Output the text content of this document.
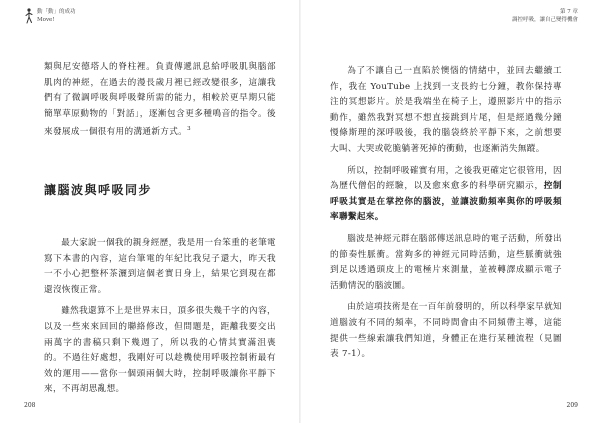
動「動」的成功
Move!

類與尼安德塔人的脊柱裡。負責傳遞訊息給呼吸肌與腦部肌肉的神經，在過去的漫長歲月裡已經改變很多，這讓我們有了微調呼吸與呼吸聲所需的能力，相較於更早期只能簡單草原動物的「對話」，逐漸包含更多種鳴音的指令。後來發展成一個很有用的溝通新方式。$^3$

讓腦波與呼吸同步

最大家說一個我的親身經歷，我是用一台笨重的老筆電寫下本書的內容，這台筆電的年紀比我兒子還大，昨天我一不小心把整杯茶灑到這個老實日身上，結果它到現在都還沒恢復正常。

雖然我還算不上是世界末日，頂多很失幾千字的內容，以及一些來來回回的聯絡修改，但問題是，距離我要交出兩萬字的書稿只剩下幾週了，所以我的心情其實滿沮喪的。不過往好處想，我剛好可以趁機使用呼吸控制術最有效的運用——當你一個頭兩個大時，控制呼吸讓你平靜下來，不再胡思亂想。

208
第 7 章
調控呼吸，讓自己變得機會

為了不讓自己一直陷於懊惱的情緒中，並回去繼續工作，我在 YouTube 上找到一支長約七分鐘，教你保持專注的冥想影片。於是我端坐在椅子上，遵照影片中的指示動作，雖然我對冥想不想直接跳到片尾，但是經過幾分鐘慢條斯理的深呼吸後，我的腦袋終於平靜下來，之前想要大叫、大哭或乾脆躺著死掉的衝動，也逐漸消失無蹤。

所以，控制呼吸確實有用，之後我更確定它很管用，因為歷代僧侶的經驗，以及愈來愈多的科學研究顯示，控制呼吸其實是在掌控你的腦波，並讓波動頻率與你的呼吸頻率聯繫起來。

腦波是神經元群在腦部傳送訊息時的電子活動，所發出的節奏性脈衝。當夠多的神經元同時活動，這些脈衝就強到足以透過頭皮上的電極片來測量，並被轉譯成顯示電子活動情況的腦波圖。

由於這項技術是在一百年前發明的，所以科學家早就知道腦波有不同的頻率，不同時間會由不同頻帶主導，這能提供一些線索讓我們知道，身體正在進行某種流程（見圖表 7-1）。

209
